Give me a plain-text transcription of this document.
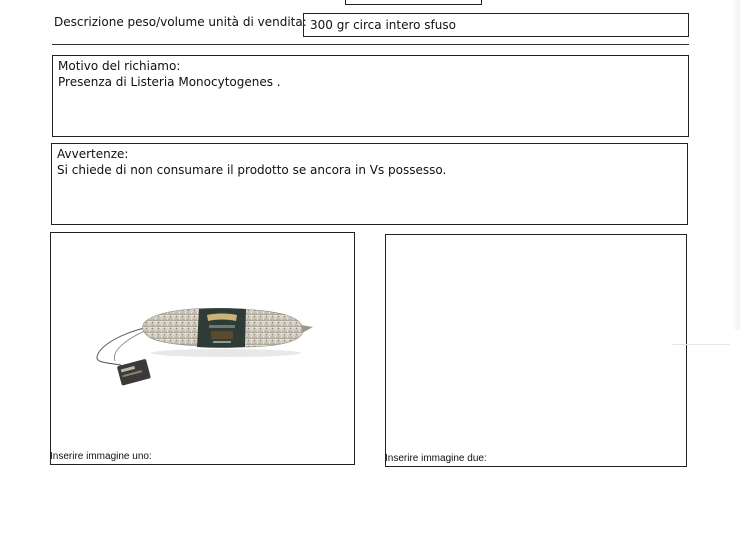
Descrizione peso/volume unità di vendita: 300 gr circa intero sfuso
Motivo del richiamo:
Presenza di Listeria Monocytogenes .
Avvertenze:
Si chiede di non consumare il prodotto se ancora in Vs possesso.
Inserire immagine uno:	Inserire immagine due:
